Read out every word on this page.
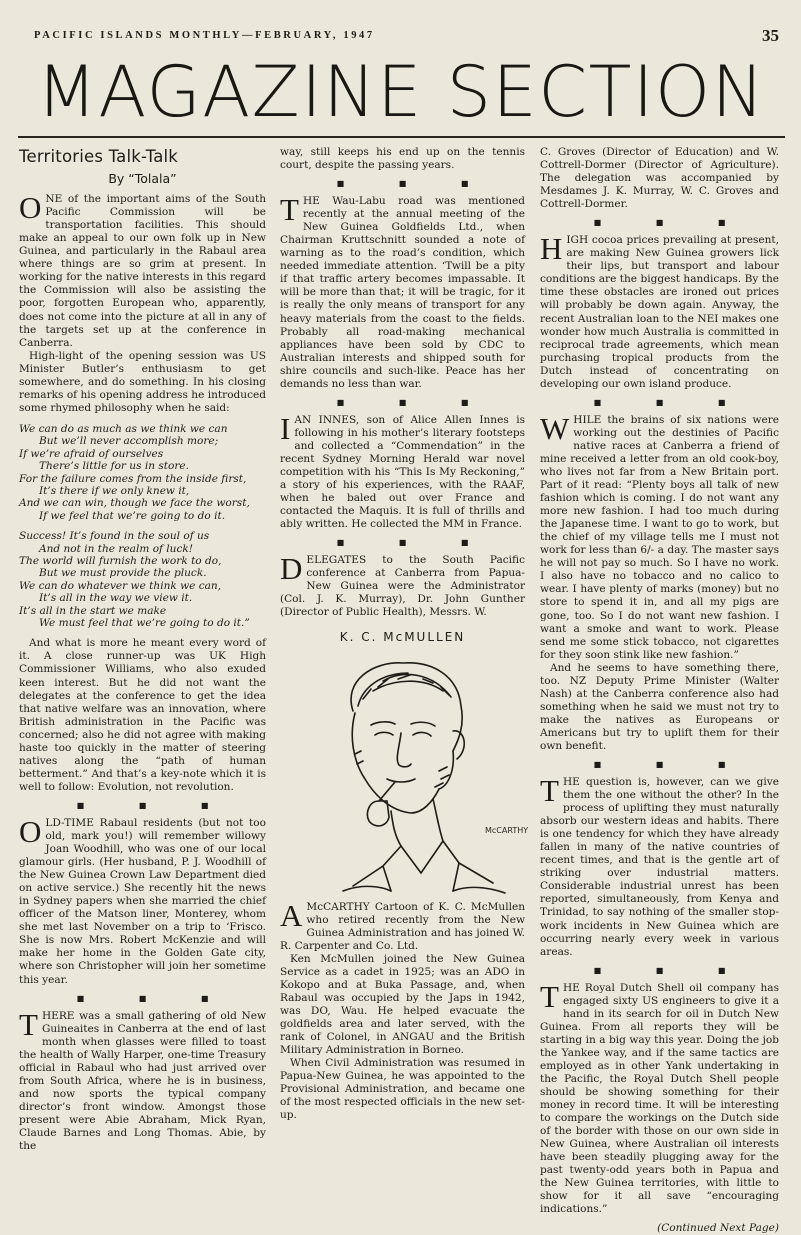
PACIFIC ISLANDS MONTHLY—FEBRUARY, 1947	35
MAGAZINE SECTION
Territories Talk-Talk
By “Tolala”

ONE of the important aims of the South Pacific Commission will be transportation facilities. This should make an appeal to our own folk up in New Guinea, and particularly in the Rabaul area where things are so grim at present. In working for the native interests in this regard the Commission will also be assisting the poor, forgotten European who, apparently, does not come into the picture at all in any of the targets set up at the conference in Canberra.

High-light of the opening session was US Minister Butler’s enthusiasm to get somewhere, and do something. In his closing remarks of his opening address he introduced some rhymed philosophy when he said:

We can do as much as we think we can
But we’ll never accomplish more;
If we’re afraid of ourselves
There’s little for us in store.
For the failure comes from the inside first,
It’s there if we only knew it,
And we can win, though we face the worst,
If we feel that we’re going to do it.
Success! It’s found in the soul of us
And not in the realm of luck!
The world will furnish the work to do,
But we must provide the pluck.
We can do whatever we think we can,
It’s all in the way we view it.
It’s all in the start we make
We must feel that we’re going to do it.”

And what is more he meant every word of it. A close runner-up was UK High Commissioner Williams, who also exuded keen interest. But he did not want the delegates at the conference to get the idea that native welfare was an innovation, where British administration in the Pacific was concerned; also he did not agree with making haste too quickly in the matter of steering natives along the “path of human betterment.” And that’s a key-note which it is well to follow: Evolution, not revolution.

■ ■ ■

OLD-TIME Rabaul residents (but not too old, mark you!) will remember willowy Joan Woodhill, who was one of our local glamour girls. (Her husband, P. J. Woodhill of the New Guinea Crown Law Department died on active service.) She recently hit the news in Sydney papers when she married the chief officer of the Matson liner, Monterey, whom she met last November on a trip to ‘Frisco. She is now Mrs. Robert McKenzie and will make her home in the Golden Gate city, where son Christopher will join her sometime this year.

■ ■ ■

THERE was a small gathering of old New Guineaites in Canberra at the end of last month when glasses were filled to toast the health of Wally Harper, one-time Treasury official in Rabaul who had just arrived over from South Africa, where he is in business, and now sports the typical company director’s front window. Amongst those present were Abie Abraham, Mick Ryan, Claude Barnes and Long Thomas. Abie, by the

way, still keeps his end up on the tennis court, despite the passing years.

■ ■ ■

THE Wau-Labu road was mentioned recently at the annual meeting of the New Guinea Goldfields Ltd., when Chairman Kruttschnitt sounded a note of warning as to the road’s condition, which needed immediate attention. ‘Twill be a pity if that traffic artery becomes impassable. It will be more than that; it will be tragic, for it is really the only means of transport for any heavy materials from the coast to the fields. Probably all road-making mechanical appliances have been sold by CDC to Australian interests and shipped south for shire councils and such-like. Peace has her demands no less than war.

■ ■ ■

IAN INNES, son of Alice Allen Innes is following in his mother’s literary footsteps and collected a “Commendation” in the recent Sydney Morning Herald war novel competition with his “This Is My Reckoning,” a story of his experiences, with the RAAF, when he baled out over France and contacted the Maquis. It is full of thrills and ably written. He collected the MM in France.

■ ■ ■

DELEGATES to the South Pacific conference at Canberra from Papua-New Guinea were the Administrator (Col. J. K. Murray), Dr. John Gunther (Director of Public Health), Messrs. W.

K. C. McMULLEN
McCARTHY

A McCARTHY Cartoon of K. C. McMullen who retired recently from the New Guinea Administration and has joined W. R. Carpenter and Co. Ltd.

Ken McMullen joined the New Guinea Service as a cadet in 1925; was an ADO in Kokopo and at Buka Passage, and, when Rabaul was occupied by the Japs in 1942, was DO, Wau. He helped evacuate the goldfields area and later served, with the rank of Colonel, in ANGAU and the British Military Administration in Borneo.

When Civil Administration was resumed in Papua-New Guinea, he was appointed to the Provisional Administration, and became one of the most respected officials in the new set-up.

C. Groves (Director of Education) and W. Cottrell-Dormer (Director of Agriculture). The delegation was accompanied by Mesdames J. K. Murray, W. C. Groves and Cottrell-Dormer.

■ ■ ■

HIGH cocoa prices prevailing at present, are making New Guinea growers lick their lips, but transport and labour conditions are the biggest handicaps. By the time these obstacles are ironed out prices will probably be down again. Anyway, the recent Australian loan to the NEI makes one wonder how much Australia is committed in reciprocal trade agreements, which mean purchasing tropical products from the Dutch instead of concentrating on developing our own island produce.

■ ■ ■

WHILE the brains of six nations were working out the destinies of Pacific native races at Canberra a friend of mine received a letter from an old cook-boy, who lives not far from a New Britain port. Part of it read: “Plenty boys all talk of new fashion which is coming. I do not want any more new fashion. I had too much during the Japanese time. I want to go to work, but the chief of my village tells me I must not work for less than 6/- a day. The master says he will not pay so much. So I have no work. I also have no tobacco and no calico to wear. I have plenty of marks (money) but no store to spend it in, and all my pigs are gone, too. So I do not want new fashion. I want a smoke and want to work. Please send me some stick tobacco, not cigarettes for they soon stink like new fashion.”

And he seems to have something there, too. NZ Deputy Prime Minister (Walter Nash) at the Canberra conference also had something when he said we must not try to make the natives as Europeans or Americans but try to uplift them for their own benefit.

■ ■ ■

THE question is, however, can we give them the one without the other? In the process of uplifting they must naturally absorb our western ideas and habits. There is one tendency for which they have already fallen in many of the native countries of recent times, and that is the gentle art of striking over industrial matters. Considerable industrial unrest has been reported, simultaneously, from Kenya and Trinidad, to say nothing of the smaller stop-work incidents in New Guinea which are occurring nearly every week in various areas.

■ ■ ■

THE Royal Dutch Shell oil company has engaged sixty US engineers to give it a hand in its search for oil in Dutch New Guinea. From all reports they will be starting in a big way this year. Doing the job the Yankee way, and if the same tactics are employed as in other Yank undertaking in the Pacific, the Royal Dutch Shell people should be showing something for their money in record time. It will be interesting to compare the workings on the Dutch side of the border with those on our own side in New Guinea, where Australian oil interests have been steadily plugging away for the past twenty-odd years both in Papua and the New Guinea territories, with little to show for it all save “encouraging indications.”

(Continued Next Page)
